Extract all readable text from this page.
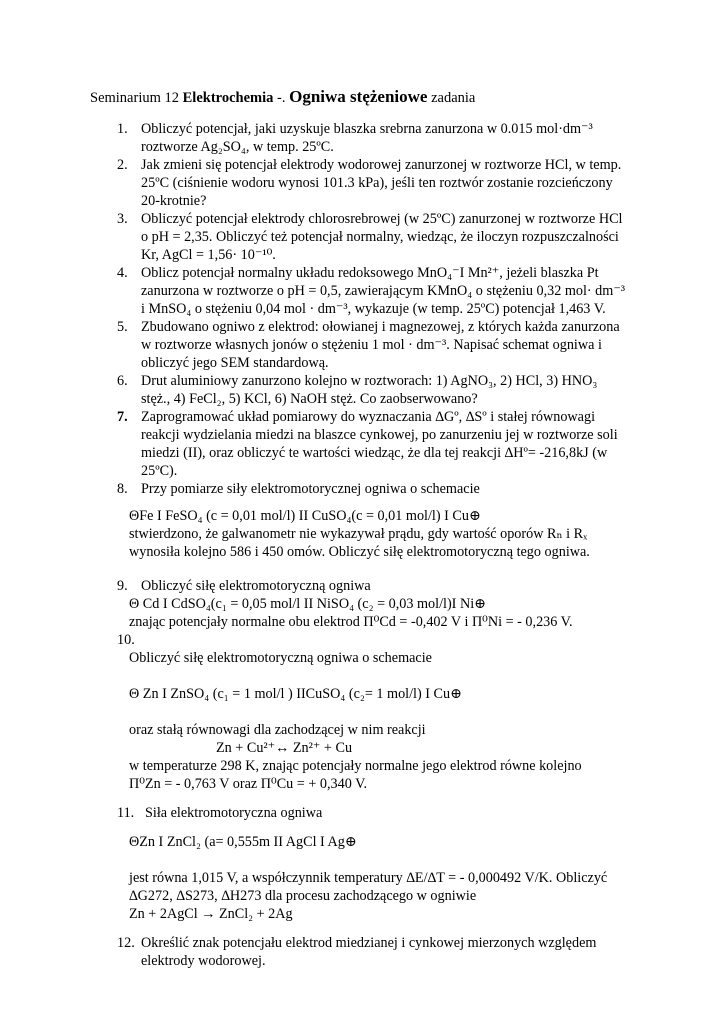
Seminarium 12 Elektrochemia -. Ogniwa stężeniowe zadania
1. Obliczyć potencjał, jaki uzyskuje blaszka srebrna zanurzona w 0.015 mol·dm⁻³
roztworze Ag₂SO₄, w temp. 25ºC.
2. Jak zmieni się potencjał elektrody wodorowej zanurzonej w roztworze HCl, w temp.
25ºC (ciśnienie wodoru wynosi 101.3 kPa), jeśli ten roztwór zostanie rozcieńczony
20-krotnie?
3. Obliczyć potencjał elektrody chlorosrebrowej (w 25ºC) zanurzonej w roztworze HCl
o pH = 2,35. Obliczyć też potencjał normalny, wiedząc, że iloczyn rozpuszczalności
Kr, AgCl = 1,56· 10⁻¹⁰.
4. Oblicz potencjał normalny układu redoksowego MnO₄⁻I Mn²⁺, jeżeli blaszka Pt
zanurzona w roztworze o pH = 0,5, zawierającym KMnO₄ o stężeniu 0,32 mol· dm⁻³
i MnSO₄ o stężeniu 0,04 mol · dm⁻³, wykazuje (w temp. 25ºC) potencjał 1,463 V.
5. Zbudowano ogniwo z elektrod: ołowianej i magnezowej, z których każda zanurzona
w roztworze własnych jonów o stężeniu 1 mol · dm⁻³. Napisać schemat ogniwa i
obliczyć jego SEM standardową.
6. Drut aluminiowy zanurzono kolejno w roztworach: 1) AgNO₃, 2) HCl, 3) HNO₃
stęż., 4) FeCl₂, 5) KCl, 6) NaOH stęż. Co zaobserwowano?
7. Zaprogramować układ pomiarowy do wyznaczania ∆Gº, ∆Sº i stałej równowagi
reakcji wydzielania miedzi na blaszce cynkowej, po zanurzeniu jej w roztworze soli
miedzi (II), oraz obliczyć te wartości wiedząc, że dla tej reakcji ∆Hº= -216,8kJ (w
25ºC).
8. Przy pomiarze siły elektromotorycznej ogniwa o schemacie
ΘFe I FeSO₄ (c = 0,01 mol/l) II CuSO₄(c = 0,01 mol/l) I Cu⊕
stwierdzono, że galwanometr nie wykazywał prądu, gdy wartość oporów Rₙ i Rₓ
wynosiła kolejno 586 i 450 omów. Obliczyć siłę elektromotoryczną tego ogniwa.
9. Obliczyć siłę elektromotoryczną ogniwa
Θ Cd I CdSO₄(c₁ = 0,05 mol/l II NiSO₄ (c₂ = 0,03 mol/l)I Ni⊕
znając potencjały normalne obu elektrod Π⁰Cd = -0,402 V i Π⁰Ni = - 0,236 V.
10.
Obliczyć siłę elektromotoryczną ogniwa o schemacie
Θ Zn I ZnSO₄ (c₁ = 1 mol/l ) IICuSO₄ (c₂= 1 mol/l) I Cu⊕
oraz stałą równowagi dla zachodzącej w nim reakcji
Zn + Cu²⁺↔ Zn²⁺ + Cu
w temperaturze 298 K, znając potencjały normalne jego elektrod równe kolejno
Π⁰Zn = - 0,763 V oraz Π⁰Cu = + 0,340 V.
11. Siła elektromotoryczna ogniwa
ΘZn I ZnCl₂ (a= 0,555m II AgCl I Ag⊕
jest równa 1,015 V, a współczynnik temperatury ∆E/∆T = - 0,000492 V/K. Obliczyć
∆G272, ∆S273, ∆H273 dla procesu zachodzącego w ogniwie
Zn + 2AgCl → ZnCl₂ + 2Ag
12. Określić znak potencjału elektrod miedzianej i cynkowej mierzonych względem
elektrody wodorowej.
